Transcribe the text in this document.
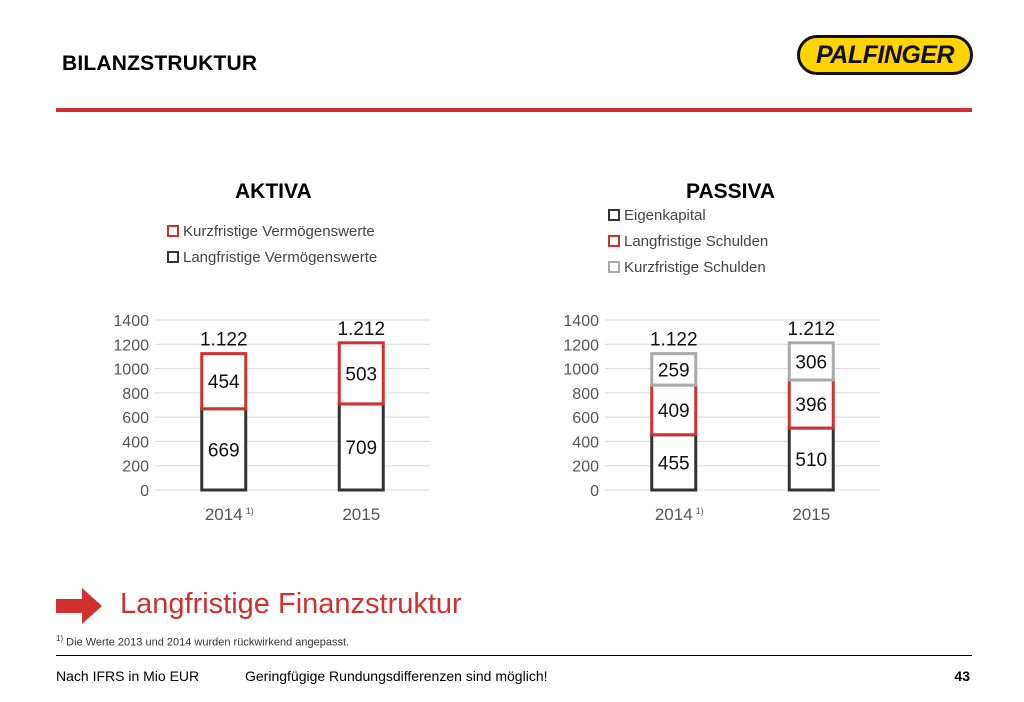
BILANZSTRUKTUR	PALFINGER
AKTIVA
Kurzfristige Vermögenswerte
Langfristige Vermögenswerte
0
200
400
600
800
1000
1200
1400
669
454
1.122
2014 1)
709
503
1.212
2015
PASSIVA
Eigenkapital
Langfristige Schulden
Kurzfristige Schulden
0
200
400
600
800
1000
1200
1400
455
409
259
1.122
2014 1)
510
396
306
1.212
2015
Langfristige Finanzstruktur
$^{1)}$ Die Werte 2013 und 2014 wurden rückwirkend angepasst.
Nach IFRS in Mio EUR	Geringfügige Rundungsdifferenzen sind möglich!	43
